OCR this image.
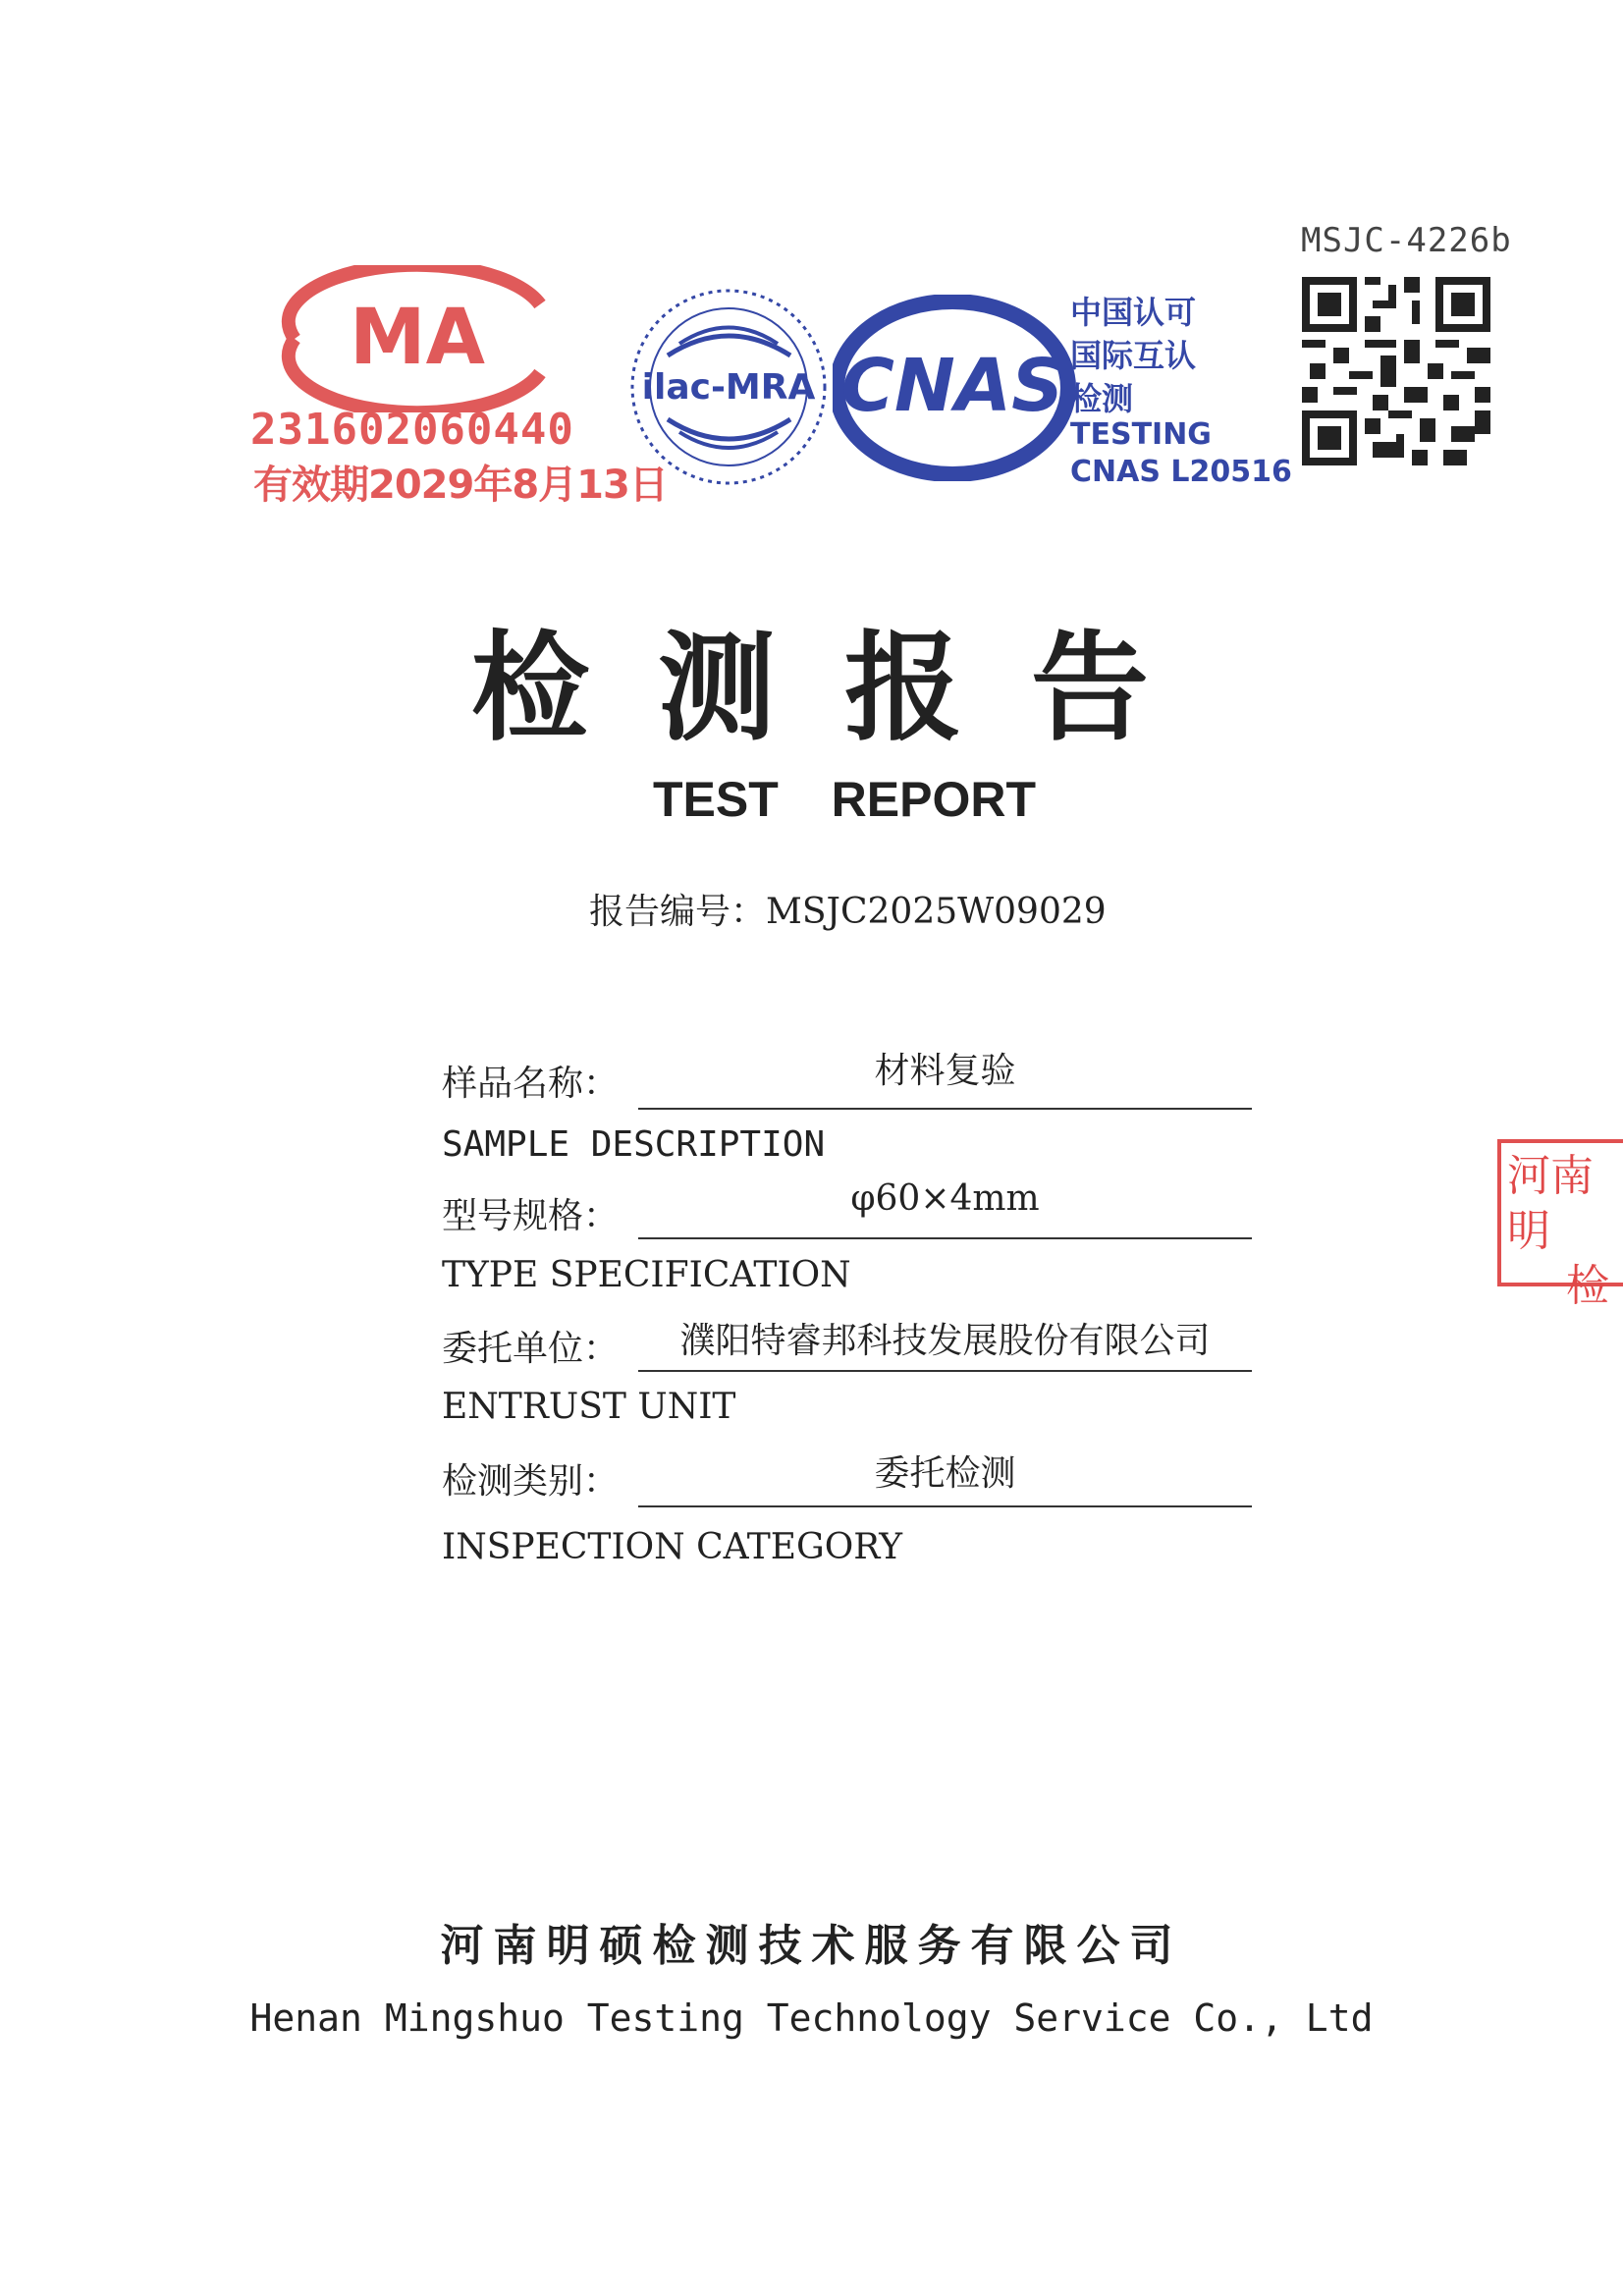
MSJC-4226b
MA
231602060440
有效期2029年8月13日
ilac-MRA CNAS
中国认可
国际互认
检测
TESTING
CNAS L20516
检测报告
TEST REPORT
报告编号：MSJC2025W09029
样品名称：	材料复验
SAMPLE DESCRIPTION
型号规格：	φ60×4mm
TYPE SPECIFICATION
委托单位：	濮阳特睿邦科技发展股份有限公司
ENTRUST UNIT
检测类别：	委托检测
INSPECTION CATEGORY
河南明
检
河南明硕检测技术服务有限公司
Henan Mingshuo Testing Technology Service Co., Ltd
